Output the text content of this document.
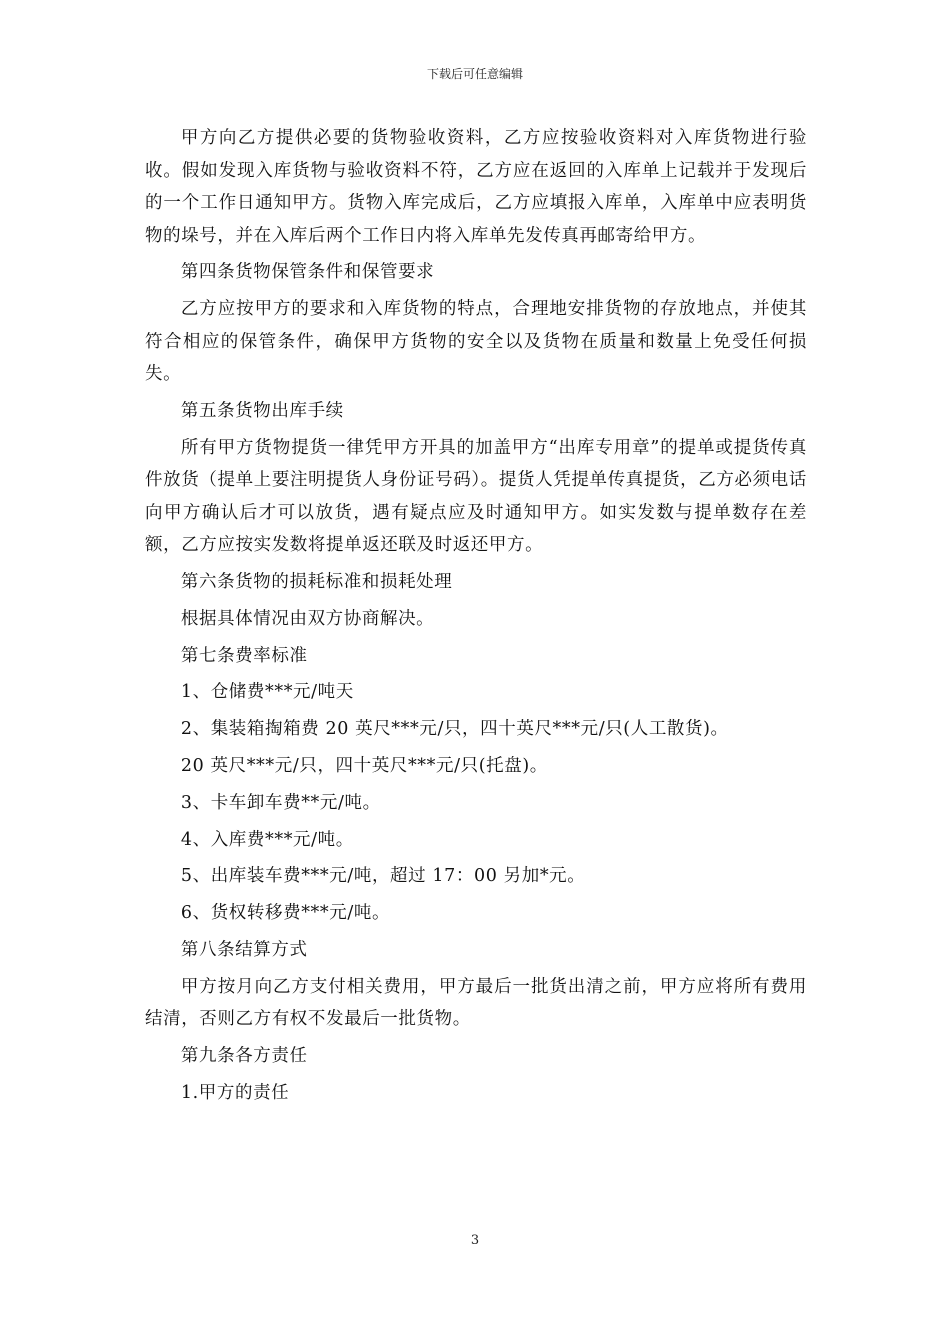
下载后可任意编辑

甲方向乙方提供必要的货物验收资料，乙方应按验收资料对入库货物进行验收。假如发现入库货物与验收资料不符，乙方应在返回的入库单上记载并于发现后的一个工作日通知甲方。货物入库完成后，乙方应填报入库单，入库单中应表明货物的垛号，并在入库后两个工作日内将入库单先发传真再邮寄给甲方。

第四条货物保管条件和保管要求

乙方应按甲方的要求和入库货物的特点，合理地安排货物的存放地点，并使其符合相应的保管条件，确保甲方货物的安全以及货物在质量和数量上免受任何损失。

第五条货物出库手续

所有甲方货物提货一律凭甲方开具的加盖甲方“出库专用章”的提单或提货传真件放货（提单上要注明提货人身份证号码）。提货人凭提单传真提货，乙方必须电话向甲方确认后才可以放货，遇有疑点应及时通知甲方。如实发数与提单数存在差额，乙方应按实发数将提单返还联及时返还甲方。

第六条货物的损耗标准和损耗处理

根据具体情况由双方协商解决。

第七条费率标准

1、仓储费***元/吨天

2、集装箱掏箱费 20 英尺***元/只，四十英尺***元/只(人工散货)。

20 英尺***元/只，四十英尺***元/只(托盘)。

3、卡车卸车费**元/吨。

4、入库费***元/吨。

5、出库装车费***元/吨，超过 17：00 另加*元。

6、货权转移费***元/吨。

第八条结算方式

甲方按月向乙方支付相关费用，甲方最后一批货出清之前，甲方应将所有费用结清，否则乙方有权不发最后一批货物。

第九条各方责任

1.甲方的责任

3
